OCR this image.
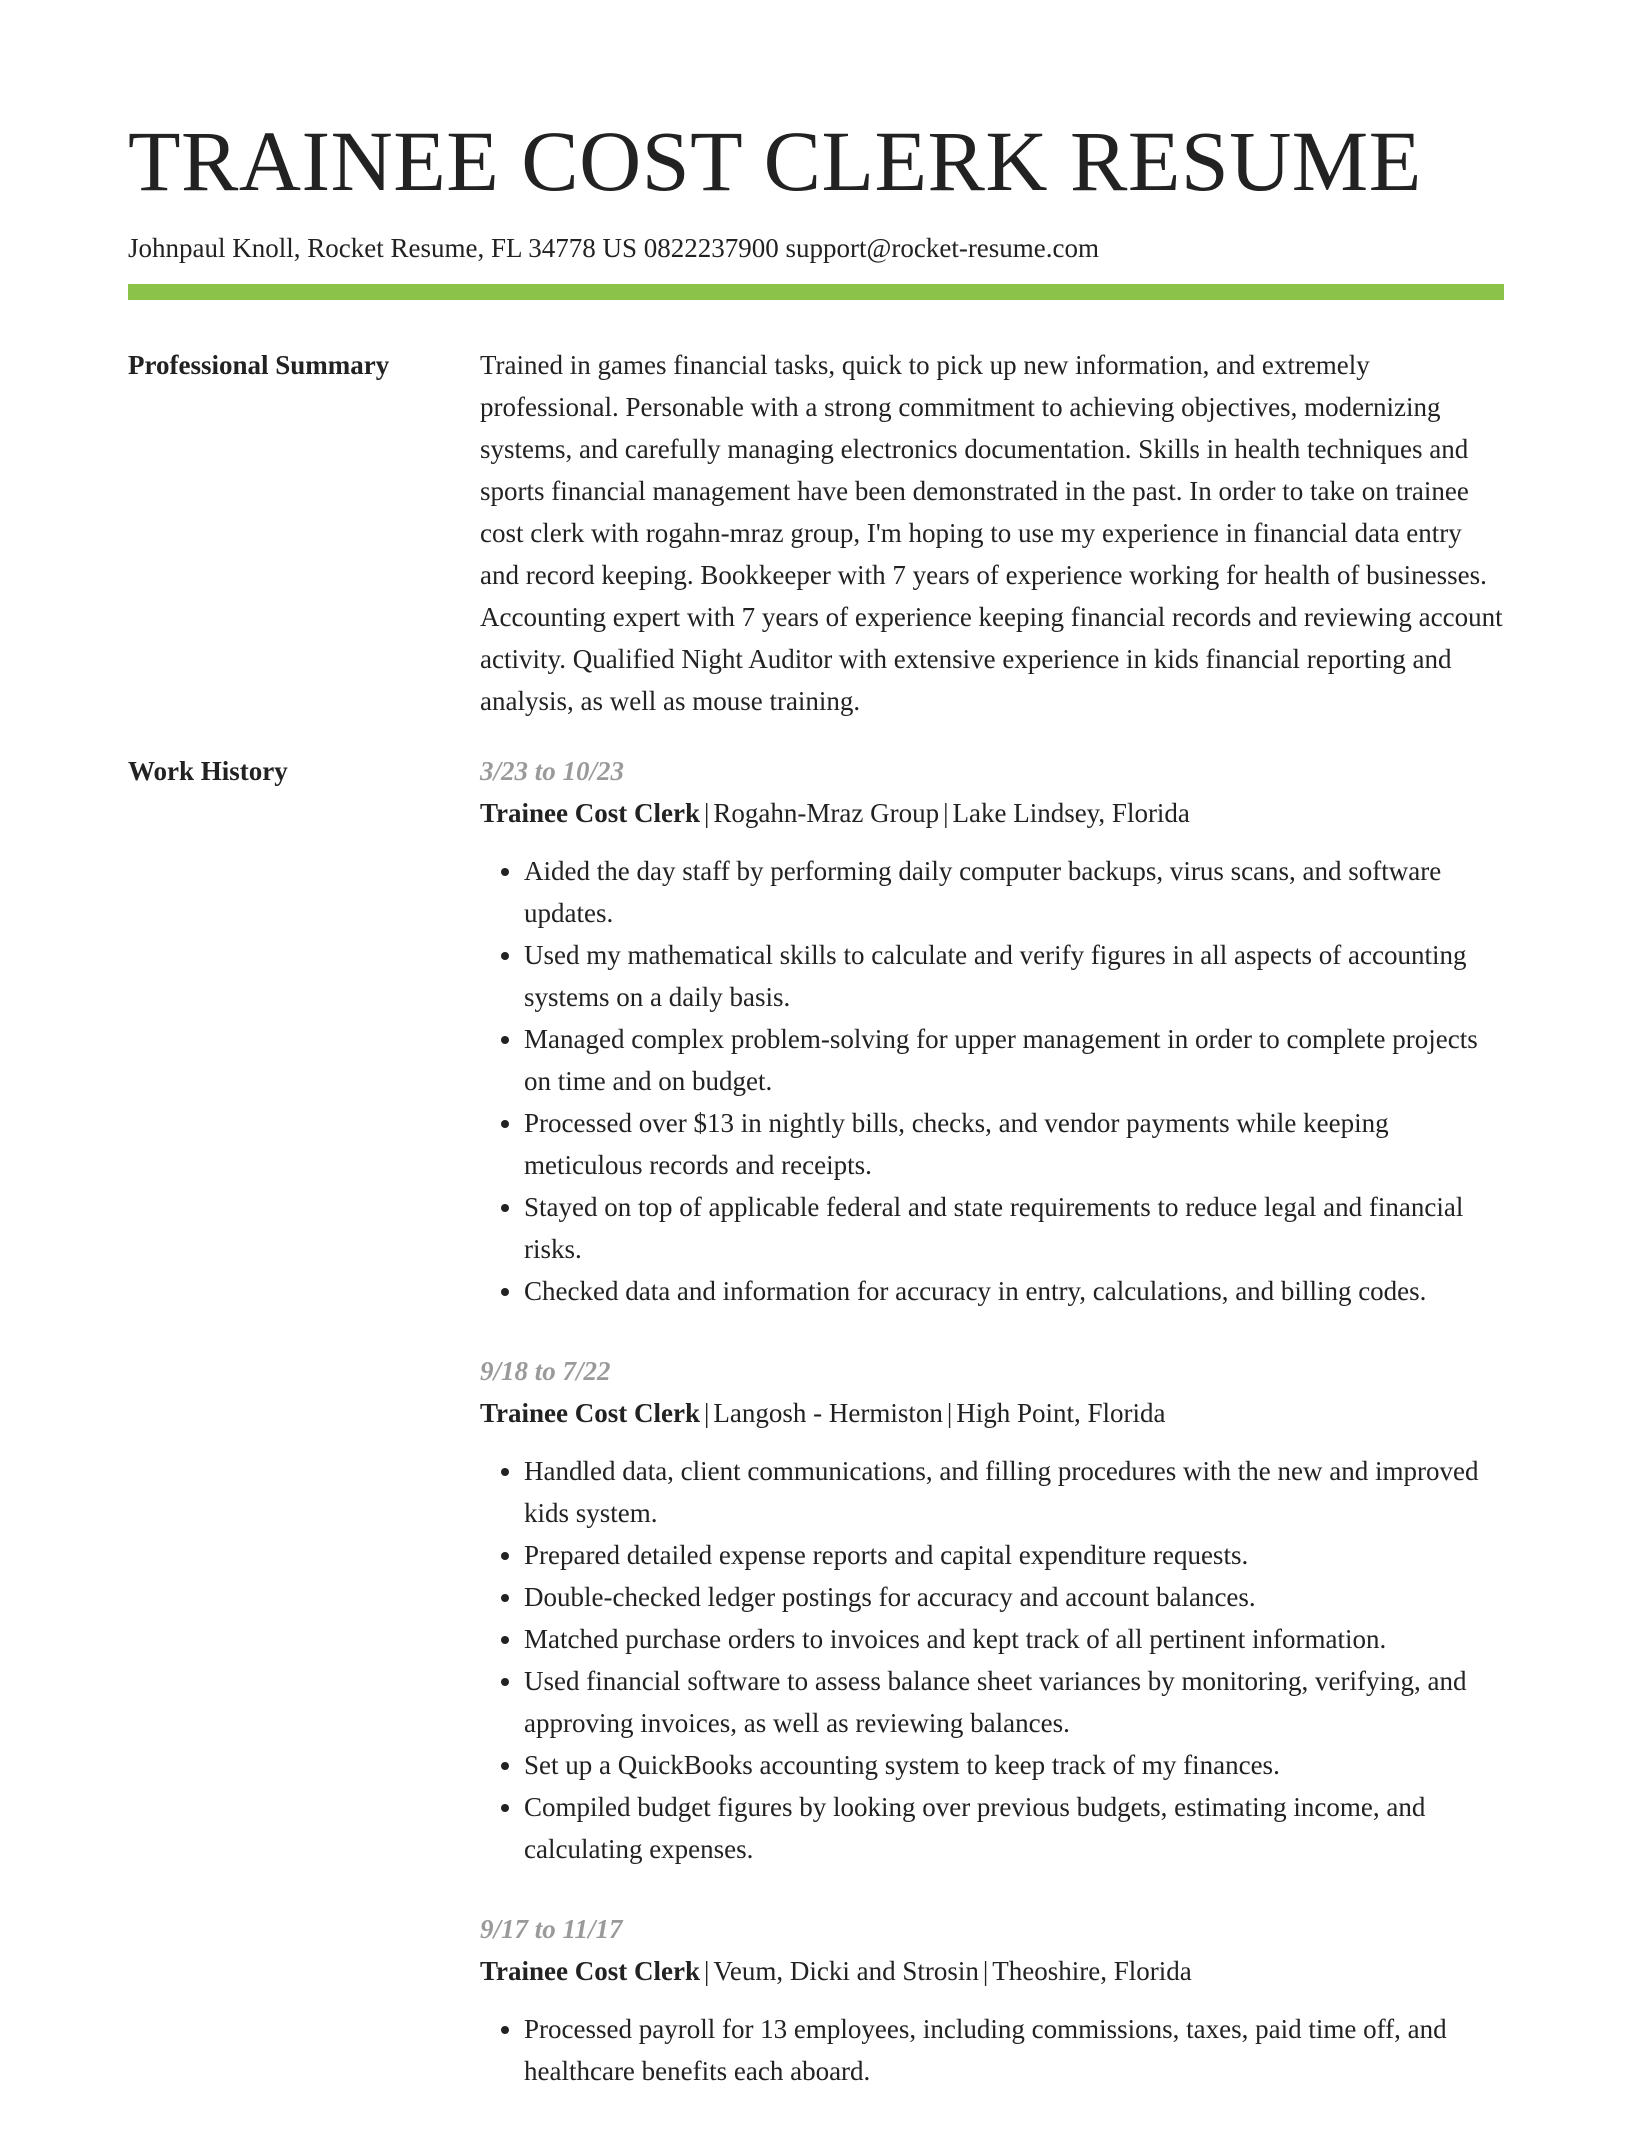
TRAINEE COST CLERK RESUME
Johnpaul Knoll, Rocket Resume, FL 34778 US 0822237900 support@rocket-resume.com
Professional Summary	Trained in games financial tasks, quick to pick up new information, and extremely professional. Personable with a strong commitment to achieving objectives, modernizing systems, and carefully managing electronics documentation. Skills in health techniques and sports financial management have been demonstrated in the past. In order to take on trainee cost clerk with rogahn-mraz group, I'm hoping to use my experience in financial data entry and record keeping. Bookkeeper with 7 years of experience working for health of businesses. Accounting expert with 7 years of experience keeping financial records and reviewing account activity. Qualified Night Auditor with extensive experience in kids financial reporting and analysis, as well as mouse training.

Work History	3/23 to 10/23
Trainee Cost Clerk | Rogahn-Mraz Group | Lake Lindsey, Florida
• Aided the day staff by performing daily computer backups, virus scans, and software updates.
• Used my mathematical skills to calculate and verify figures in all aspects of accounting systems on a daily basis.
• Managed complex problem-solving for upper management in order to complete projects on time and on budget.
• Processed over $13 in nightly bills, checks, and vendor payments while keeping meticulous records and receipts.
• Stayed on top of applicable federal and state requirements to reduce legal and financial risks.
• Checked data and information for accuracy in entry, calculations, and billing codes.
9/18 to 7/22
Trainee Cost Clerk | Langosh - Hermiston | High Point, Florida
• Handled data, client communications, and filling procedures with the new and improved kids system.
• Prepared detailed expense reports and capital expenditure requests.
• Double-checked ledger postings for accuracy and account balances.
• Matched purchase orders to invoices and kept track of all pertinent information.
• Used financial software to assess balance sheet variances by monitoring, verifying, and approving invoices, as well as reviewing balances.
• Set up a QuickBooks accounting system to keep track of my finances.
• Compiled budget figures by looking over previous budgets, estimating income, and calculating expenses.
9/17 to 11/17
Trainee Cost Clerk | Veum, Dicki and Strosin | Theoshire, Florida
• Processed payroll for 13 employees, including commissions, taxes, paid time off, and healthcare benefits each aboard.
